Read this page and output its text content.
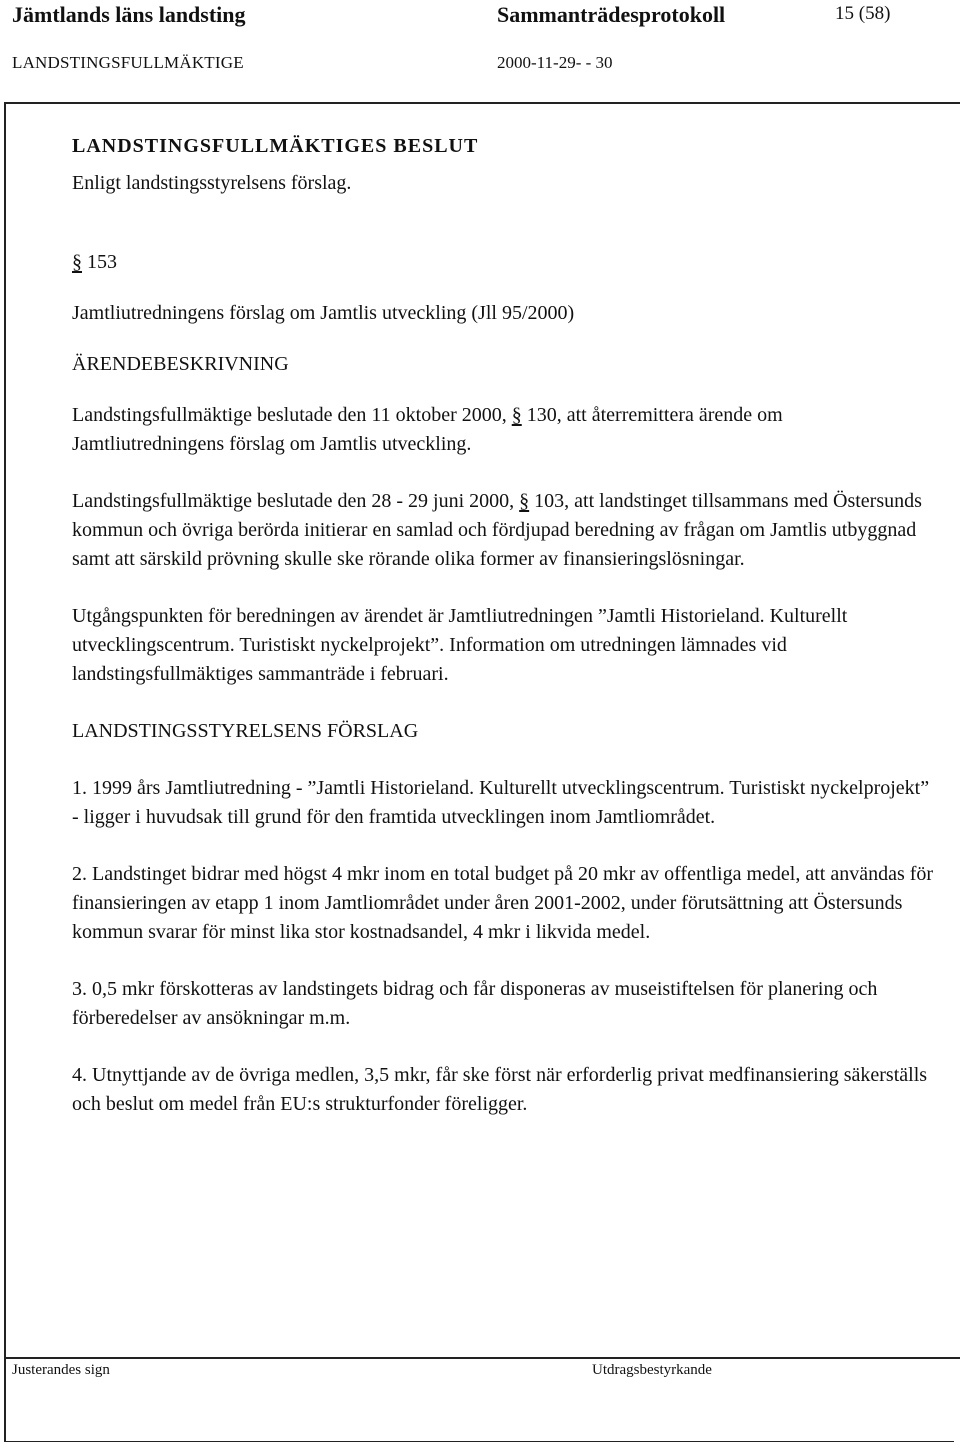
Jämtlands läns landsting	Sammanträdesprotokoll	15 (58)
LANDSTINGSFULLMÄKTIGE	2000-11-29- - 30

LANDSTINGSFULLMÄKTIGES BESLUT

Enligt landstingsstyrelsens förslag.

§ 153

Jamtliutredningens förslag om Jamtlis utveckling (Jll 95/2000)

ÄRENDEBESKRIVNING

Landstingsfullmäktige beslutade den 11 oktober 2000, § 130, att återremittera ärende om Jamtliutredningens förslag om Jamtlis utveckling.

Landstingsfullmäktige beslutade den 28 - 29 juni 2000, § 103, att landstinget tillsammans med Östersunds kommun och övriga berörda initierar en samlad och fördjupad beredning av frågan om Jamtlis utbyggnad samt att särskild prövning skulle ske rörande olika former av finansieringslösningar.

Utgångspunkten för beredningen av ärendet är Jamtliutredningen ”Jamtli Historieland. Kulturellt utvecklingscentrum. Turistiskt nyckelprojekt”. Information om utredningen lämnades vid landstingsfullmäktiges sammanträde i februari.

LANDSTINGSSTYRELSENS FÖRSLAG

1. 1999 års Jamtliutredning - ”Jamtli Historieland. Kulturellt utvecklingscentrum. Turistiskt nyckelprojekt” - ligger i huvudsak till grund för den framtida utvecklingen inom Jamtliområdet.

2. Landstinget bidrar med högst 4 mkr inom en total budget på 20 mkr av offentliga medel, att användas för finansieringen av etapp 1 inom Jamtliområdet under åren 2001-2002, under förutsättning att Östersunds kommun svarar för minst lika stor kostnadsandel, 4 mkr i likvida medel.

3. 0,5 mkr förskotteras av landstingets bidrag och får disponeras av museistiftelsen för planering och förberedelser av ansökningar m.m.

4. Utnyttjande av de övriga medlen, 3,5 mkr, får ske först när erforderlig privat medfinansiering säkerställs och beslut om medel från EU:s strukturfonder föreligger.

Justerandes sign	Utdragsbestyrkande
